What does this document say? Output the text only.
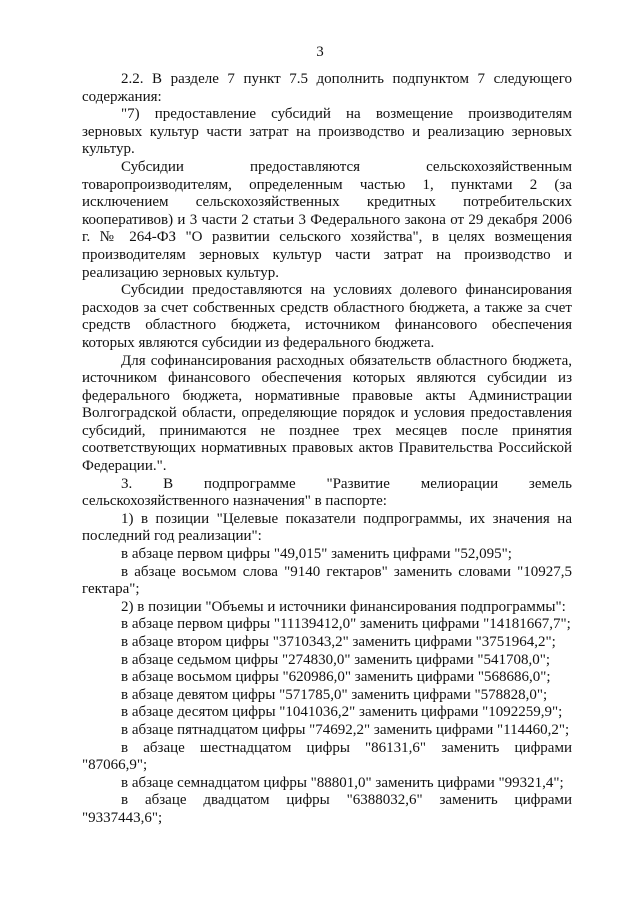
3

2.2. В разделе 7 пункт 7.5 дополнить подпунктом 7 следующего содержания:

"7) предоставление субсидий на возмещение производителям зерновых культур части затрат на производство и реализацию зерновых культур.

Субсидии предоставляются сельскохозяйственным товаропроизводителям, определенным частью 1, пунктами 2 (за исключением сельскохозяйственных кредитных потребительских кооперативов) и 3 части 2 статьи 3 Федерального закона от 29 декабря 2006 г. № 264-ФЗ "О развитии сельского хозяйства", в целях возмещения производителям зерновых культур части затрат на производство и реализацию зерновых культур.

Субсидии предоставляются на условиях долевого финансирования расходов за счет собственных средств областного бюджета, а также за счет средств областного бюджета, источником финансового обеспечения которых являются субсидии из федерального бюджета.

Для софинансирования расходных обязательств областного бюджета, источником финансового обеспечения которых являются субсидии из федерального бюджета, нормативные правовые акты Администрации Волгоградской области, определяющие порядок и условия предоставления субсидий, принимаются не позднее трех месяцев после принятия соответствующих нормативных правовых актов Правительства Российской Федерации.".

3. В подпрограмме "Развитие мелиорации земель сельскохозяйственного назначения" в паспорте:

1) в позиции "Целевые показатели подпрограммы, их значения на последний год реализации":

в абзаце первом цифры "49,015" заменить цифрами "52,095";

в абзаце восьмом слова "9140 гектаров" заменить словами "10927,5 гектара";

2) в позиции "Объемы и источники финансирования подпрограммы":

в абзаце первом цифры "11139412,0" заменить цифрами "14181667,7";

в абзаце втором цифры "3710343,2" заменить цифрами "3751964,2";

в абзаце седьмом цифры "274830,0" заменить цифрами "541708,0";

в абзаце восьмом цифры "620986,0" заменить цифрами "568686,0";

в абзаце девятом цифры "571785,0" заменить цифрами "578828,0";

в абзаце десятом цифры "1041036,2" заменить цифрами "1092259,9";

в абзаце пятнадцатом цифры "74692,2" заменить цифрами "114460,2";

в абзаце шестнадцатом цифры "86131,6" заменить цифрами "87066,9";

в абзаце семнадцатом цифры "88801,0" заменить цифрами "99321,4";

в абзаце двадцатом цифры "6388032,6" заменить цифрами "9337443,6";
